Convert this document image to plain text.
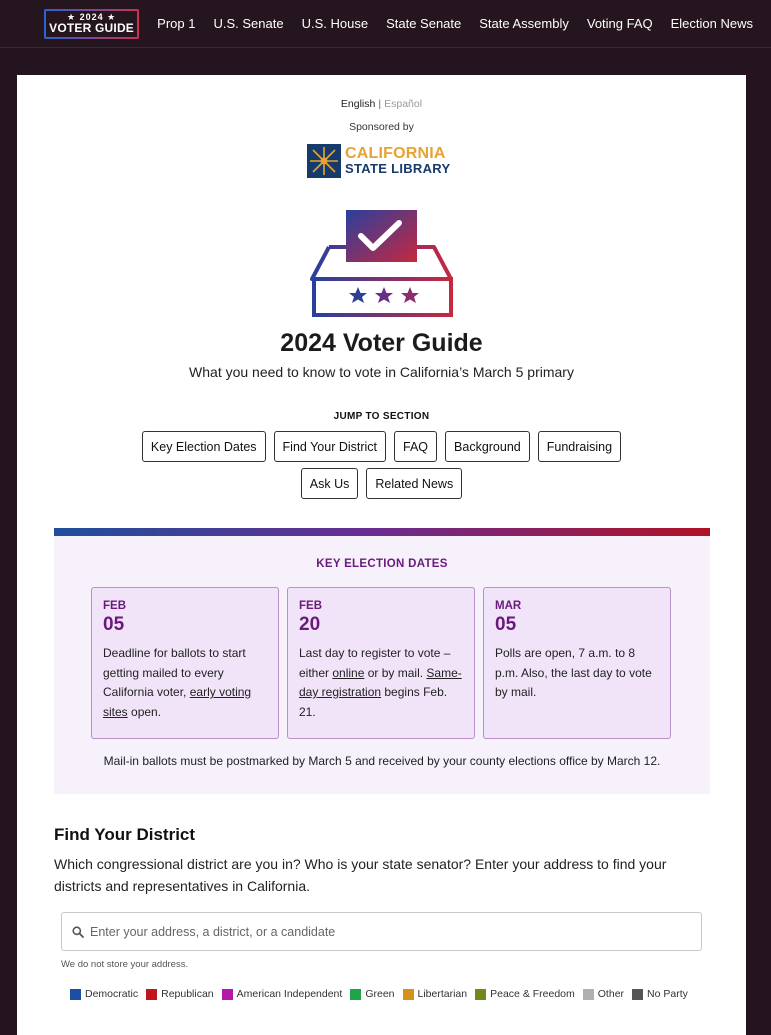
★ 2024 ★
VOTER GUIDE Prop 1 U.S. Senate U.S. House State Senate State Assembly Voting FAQ Election News
English | Español
Sponsored by
CALIFORNIA
STATE LIBRARY
2024 Voter Guide
What you need to know to vote in California’s March 5 primary
JUMP TO SECTION
Key Election Dates	Find Your District	FAQ	Background	Fundraising
Ask Us	Related News
KEY ELECTION DATES
FEB
05
Deadline for ballots to start getting mailed to every California voter, early voting sites open.
FEB
20
Last day to register to vote – either online or by mail. Same-day registration begins Feb. 21.
MAR
05
Polls are open, 7 a.m. to 8 p.m. Also, the last day to vote by mail.
Mail-in ballots must be postmarked by March 5 and received by your county elections office by March 12.
Find Your District
Which congressional district are you in? Who is your state senator? Enter your address to find your districts and representatives in California.
Enter your address, a district, or a candidate
We do not store your address.
Democratic Republican American Independent Green Libertarian Peace & Freedom Other No Party
